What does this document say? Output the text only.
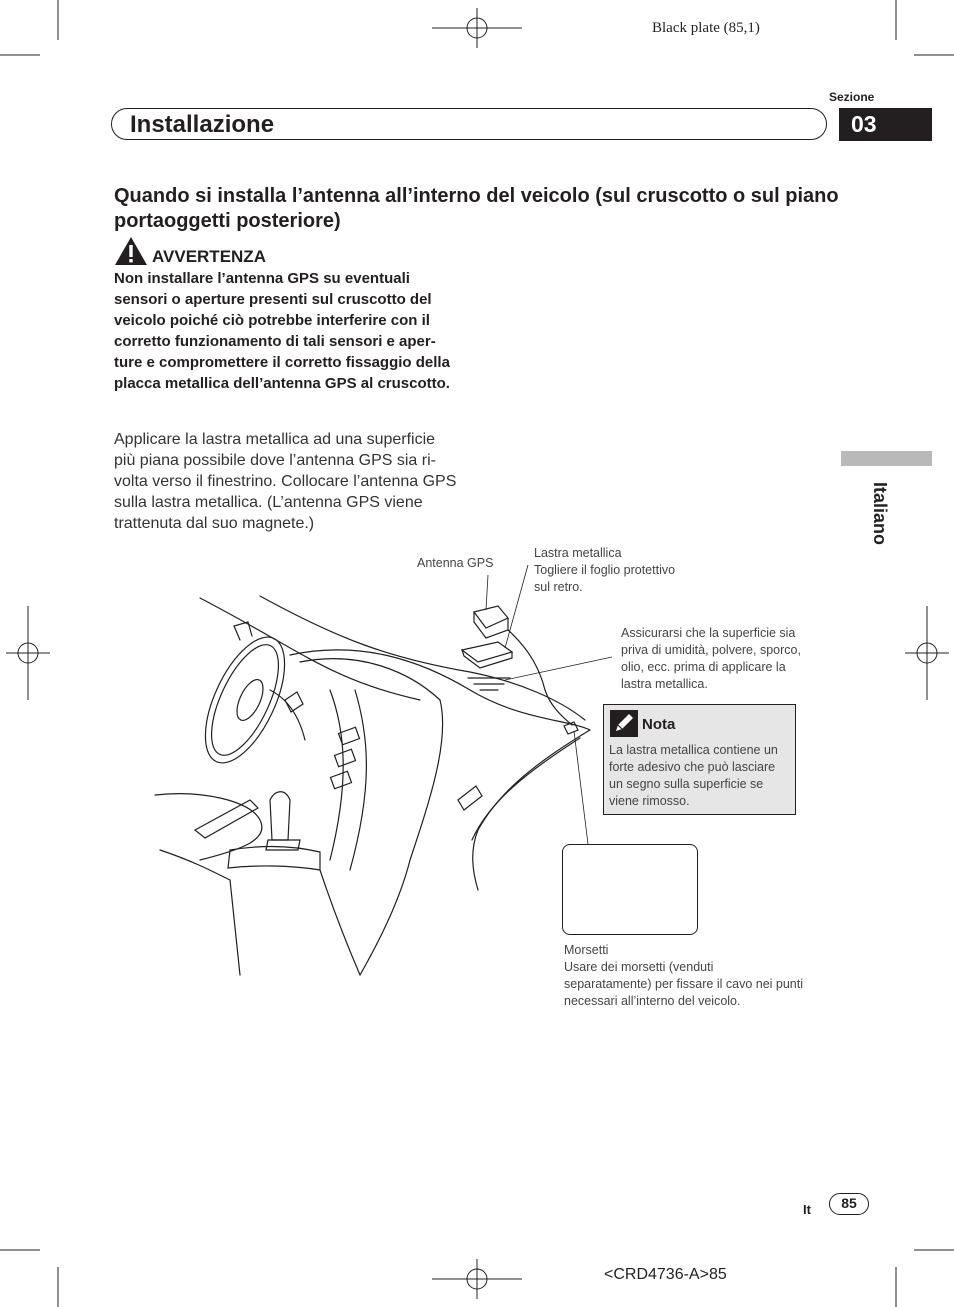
Black plate (85,1)
Sezione
Installazione	03
Italiano
Quando si installa l’antenna all’interno del veicolo (sul cruscotto o sul piano portaoggetti posteriore)
AVVERTENZA
Non installare l’antenna GPS su eventuali sensori o aperture presenti sul cruscotto del veicolo poiché ciò potrebbe interferire con il corretto funzionamento di tali sensori e aper- ture e compromettere il corretto fissaggio della placca metallica dell’antenna GPS al cruscotto.
Applicare la lastra metallica ad una superficie più piana possibile dove l’antenna GPS sia ri- volta verso il finestrino. Collocare l’antenna GPS sulla lastra metallica. (L’antenna GPS viene trattenuta dal suo magnete.)
Antenna GPS
Lastra metallica
Togliere il foglio protettivo sul retro.
Assicurarsi che la superficie sia priva di umidità, polvere, sporco, olio, ecc. prima di applicare la lastra metallica.
Nota
La lastra metallica contiene un forte adesivo che può lasciare un segno sulla superficie se viene rimosso.
Morsetti
Usare dei morsetti (venduti separatamente) per fissare il cavo nei punti necessari all’interno del veicolo.
It	85
<CRD4736-A>85
